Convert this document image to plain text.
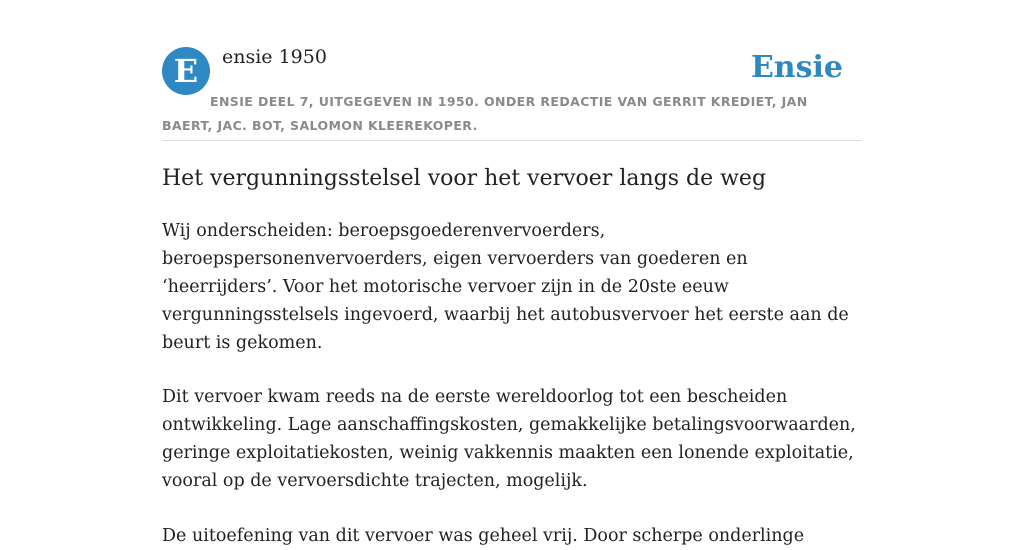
E	ensie 1950	Ensie
ENSIE DEEL 7, UITGEGEVEN IN 1950. ONDER REDACTIE VAN GERRIT KREDIET, JAN BAERT, JAC. BOT, SALOMON KLEEREKOPER.
Het vergunningsstelsel voor het vervoer langs de weg

Wij onderscheiden: beroepsgoederenvervoerders, beroepspersonenvervoerders, eigen vervoerders van goederen en ‘heerrijders’. Voor het motorische vervoer zijn in de 20ste eeuw vergunningsstelsels ingevoerd, waarbij het autobusvervoer het eerste aan de beurt is gekomen.

Dit vervoer kwam reeds na de eerste wereldoorlog tot een bescheiden ontwikkeling. Lage aanschaffingskosten, gemakkelijke betalingsvoorwaarden, geringe exploitatiekosten, weinig vakkennis maakten een lonende exploitatie, vooral op de vervoersdichte trajecten, mogelijk.

De uitoefening van dit vervoer was geheel vrij. Door scherpe onderlinge
